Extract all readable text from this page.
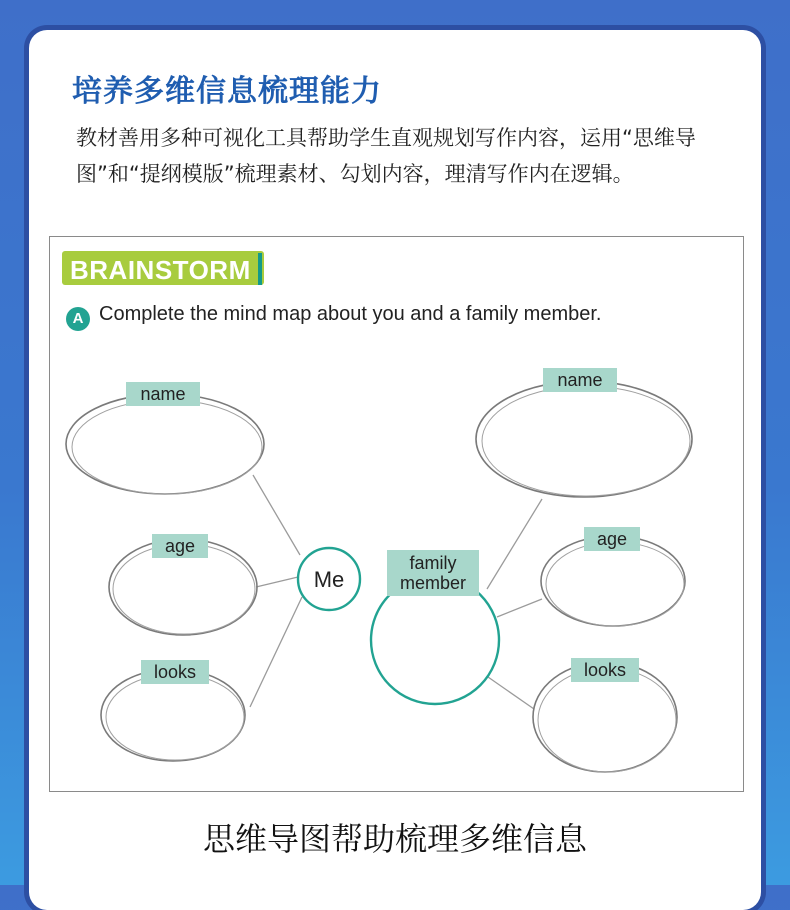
培养多维信息梳理能力
教材善用多种可视化工具帮助学生直观规划写作内容，运用“思维导图”和“提纲模版”梳理素材、勾划内容，理清写作内在逻辑。
BRAINSTORM
A Complete the mind map about you and a family member.
Me
family
member
name
age
looks
name
age
looks
思维导图帮助梳理多维信息
